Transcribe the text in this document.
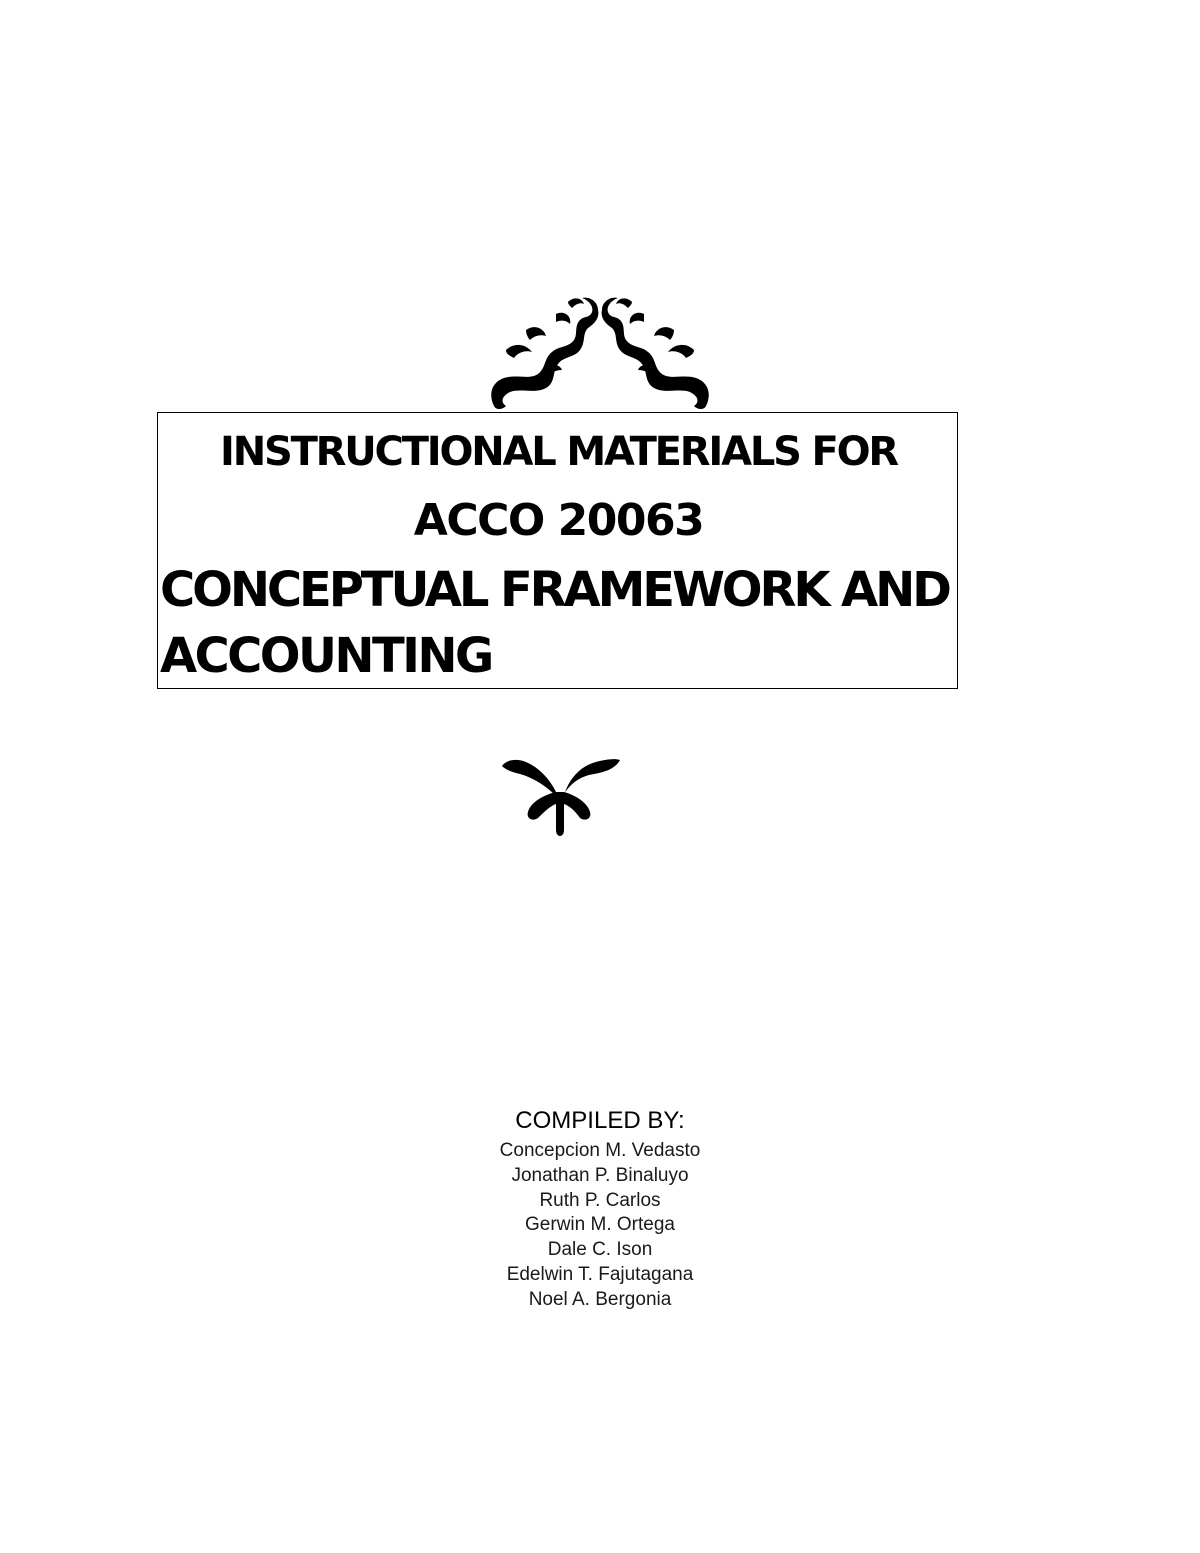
INSTRUCTIONAL MATERIALS FOR
ACCO 20063
CONCEPTUAL FRAMEWORK AND
ACCOUNTING
COMPILED BY:
Concepcion M. Vedasto
Jonathan P. Binaluyo
Ruth P. Carlos
Gerwin M. Ortega
Dale C. Ison
Edelwin T. Fajutagana
Noel A. Bergonia
